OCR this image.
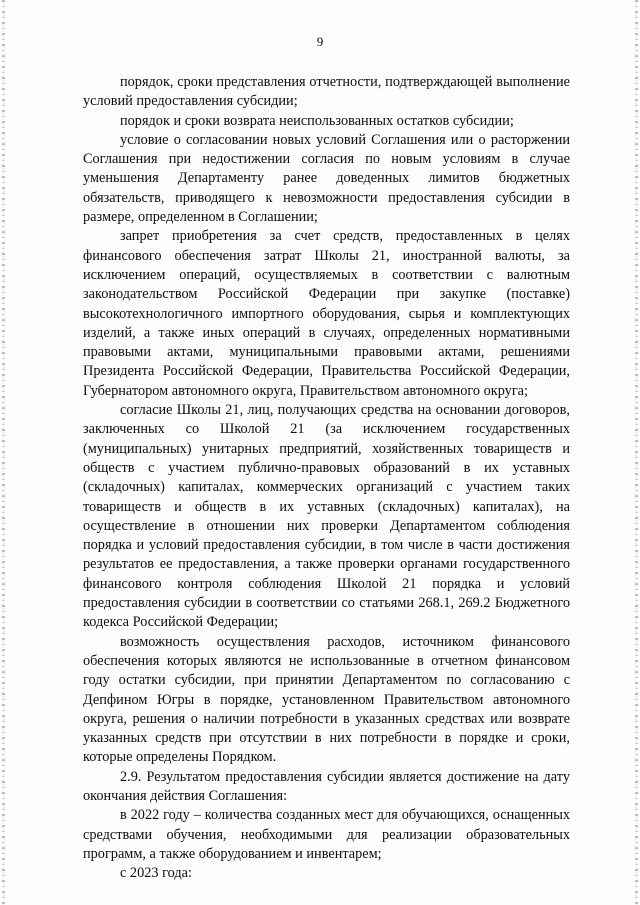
9

порядок, сроки представления отчетности, подтверждающей выполнение условий предоставления субсидии;

порядок и сроки возврата неиспользованных остатков субсидии;

условие о согласовании новых условий Соглашения или о расторжении Соглашения при недостижении согласия по новым условиям в случае уменьшения Департаменту ранее доведенных лимитов бюджетных обязательств, приводящего к невозможности предоставления субсидии в размере, определенном в Соглашении;

запрет приобретения за счет средств, предоставленных в целях финансового обеспечения затрат Школы 21, иностранной валюты, за исключением операций, осуществляемых в соответствии с валютным законодательством Российской Федерации при закупке (поставке) высокотехнологичного импортного оборудования, сырья и комплектующих изделий, а также иных операций в случаях, определенных нормативными правовыми актами, муниципальными правовыми актами, решениями Президента Российской Федерации, Правительства Российской Федерации, Губернатором автономного округа, Правительством автономного округа;

согласие Школы 21, лиц, получающих средства на основании договоров, заключенных со Школой 21 (за исключением государственных (муниципальных) унитарных предприятий, хозяйственных товариществ и обществ с участием публично-правовых образований в их уставных (складочных) капиталах, коммерческих организаций с участием таких товариществ и обществ в их уставных (складочных) капиталах), на осуществление в отношении них проверки Департаментом соблюдения порядка и условий предоставления субсидии, в том числе в части достижения результатов ее предоставления, а также проверки органами государственного финансового контроля соблюдения Школой 21 порядка и условий предоставления субсидии в соответствии со статьями 268.1, 269.2 Бюджетного кодекса Российской Федерации;

возможность осуществления расходов, источником финансового обеспечения которых являются не использованные в отчетном финансовом году остатки субсидии, при принятии Департаментом по согласованию с Депфином Югры в порядке, установленном Правительством автономного округа, решения о наличии потребности в указанных средствах или возврате указанных средств при отсутствии в них потребности в порядке и сроки, которые определены Порядком.

2.9. Результатом предоставления субсидии является достижение на дату окончания действия Соглашения:

в 2022 году – количества созданных мест для обучающихся, оснащенных средствами обучения, необходимыми для реализации образовательных программ, а также оборудованием и инвентарем;

с 2023 года:
